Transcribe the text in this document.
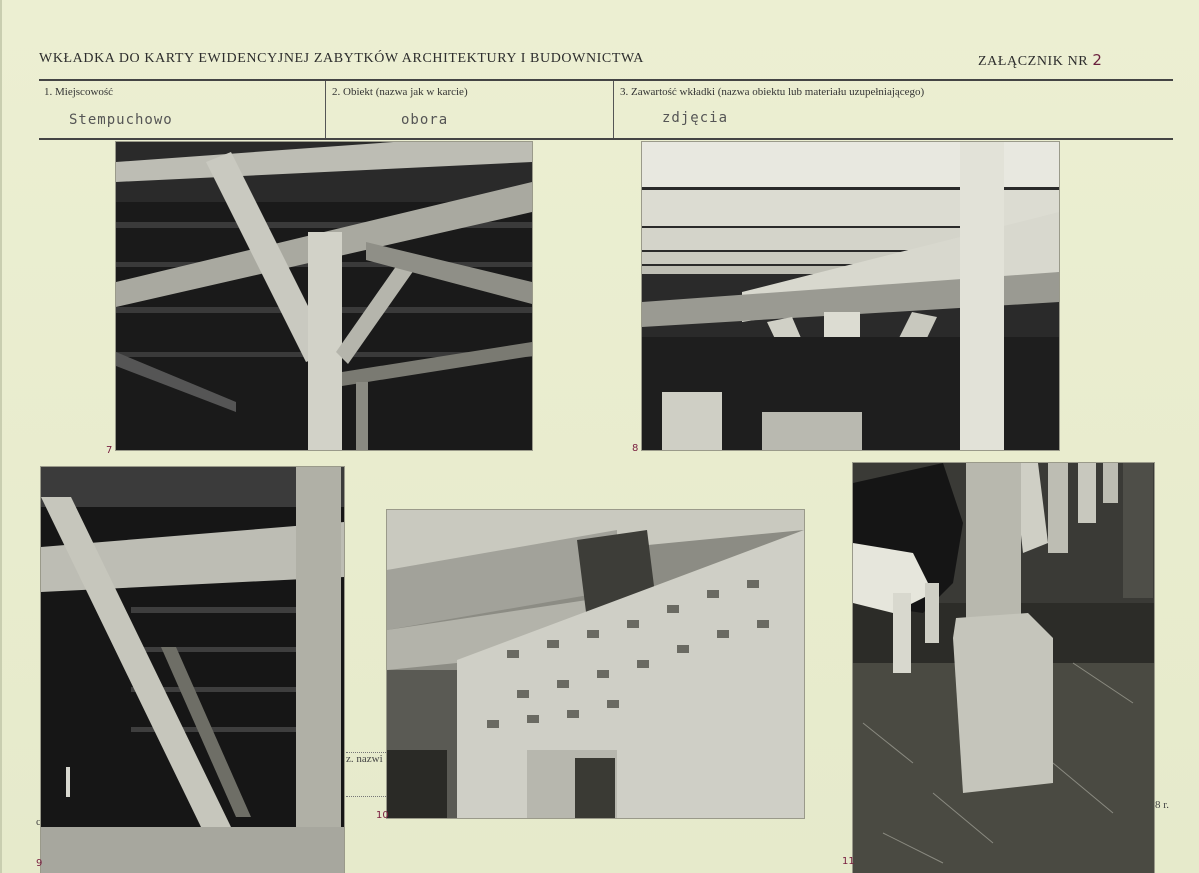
WKŁADKA DO KARTY EWIDENCYJNEJ ZABYTKÓW ARCHITEKTURY I BUDOWNICTWA	ZAŁĄCZNIK NR 2
1. Miejscowość
Stempuchowo
2. Obiekt (nazwa jak w karcie)
obora
3. Zawartość wkładki (nazwa obiektu lub materiału uzupełniającego)
zdjęcia
z. nazwi
8 r.
c
7	8
9
10
11
